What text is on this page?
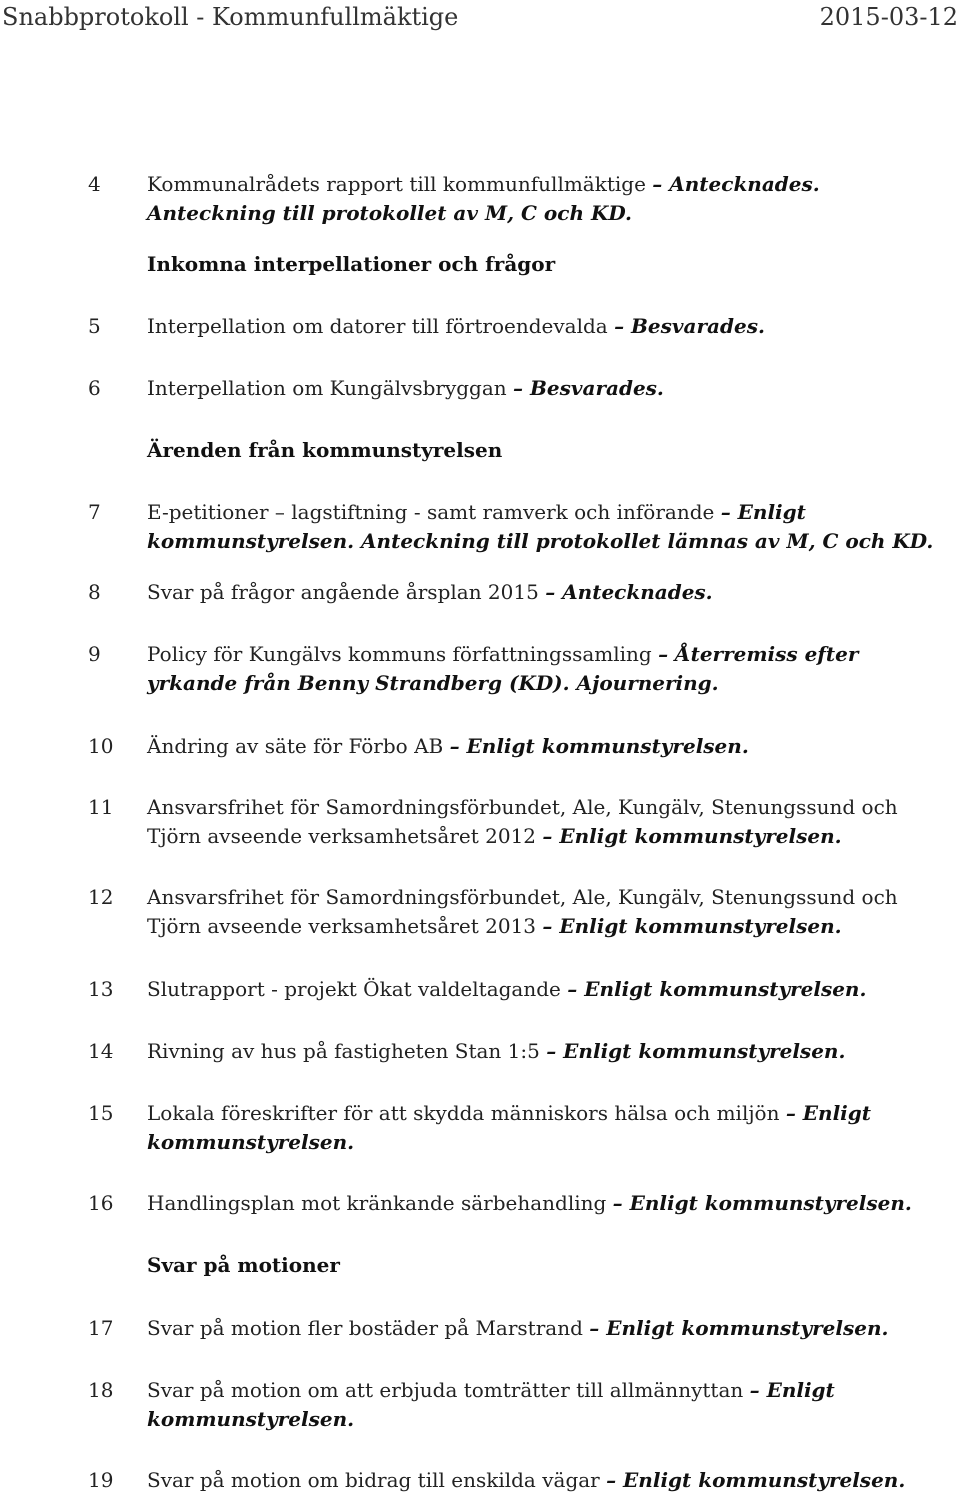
Snabbprotokoll - Kommunfullmäktige	2015-03-12
4 Kommunalrådets rapport till kommunfullmäktige – Antecknades. Anteckning till protokollet av M, C och KD.
Inkomna interpellationer och frågor
5 Interpellation om datorer till förtroendevalda – Besvarades.
6 Interpellation om Kungälvsbryggan – Besvarades.
Ärenden från kommunstyrelsen
7 E-petitioner – lagstiftning - samt ramverk och införande – Enligt kommunstyrelsen. Anteckning till protokollet lämnas av M, C och KD.
8 Svar på frågor angående årsplan 2015 – Antecknades.
9 Policy för Kungälvs kommuns författningssamling – Återremiss efter yrkande från Benny Strandberg (KD). Ajournering.
10 Ändring av säte för Förbo AB – Enligt kommunstyrelsen.
11 Ansvarsfrihet för Samordningsförbundet, Ale, Kungälv, Stenungssund och Tjörn avseende verksamhetsåret 2012 – Enligt kommunstyrelsen.
12 Ansvarsfrihet för Samordningsförbundet, Ale, Kungälv, Stenungssund och Tjörn avseende verksamhetsåret 2013 – Enligt kommunstyrelsen.
13 Slutrapport - projekt Ökat valdeltagande – Enligt kommunstyrelsen.
14 Rivning av hus på fastigheten Stan 1:5 – Enligt kommunstyrelsen.
15 Lokala föreskrifter för att skydda människors hälsa och miljön – Enligt kommunstyrelsen.
16 Handlingsplan mot kränkande särbehandling – Enligt kommunstyrelsen.
Svar på motioner
17 Svar på motion fler bostäder på Marstrand – Enligt kommunstyrelsen.
18 Svar på motion om att erbjuda tomträtter till allmännyttan – Enligt kommunstyrelsen.
19 Svar på motion om bidrag till enskilda vägar – Enligt kommunstyrelsen.
